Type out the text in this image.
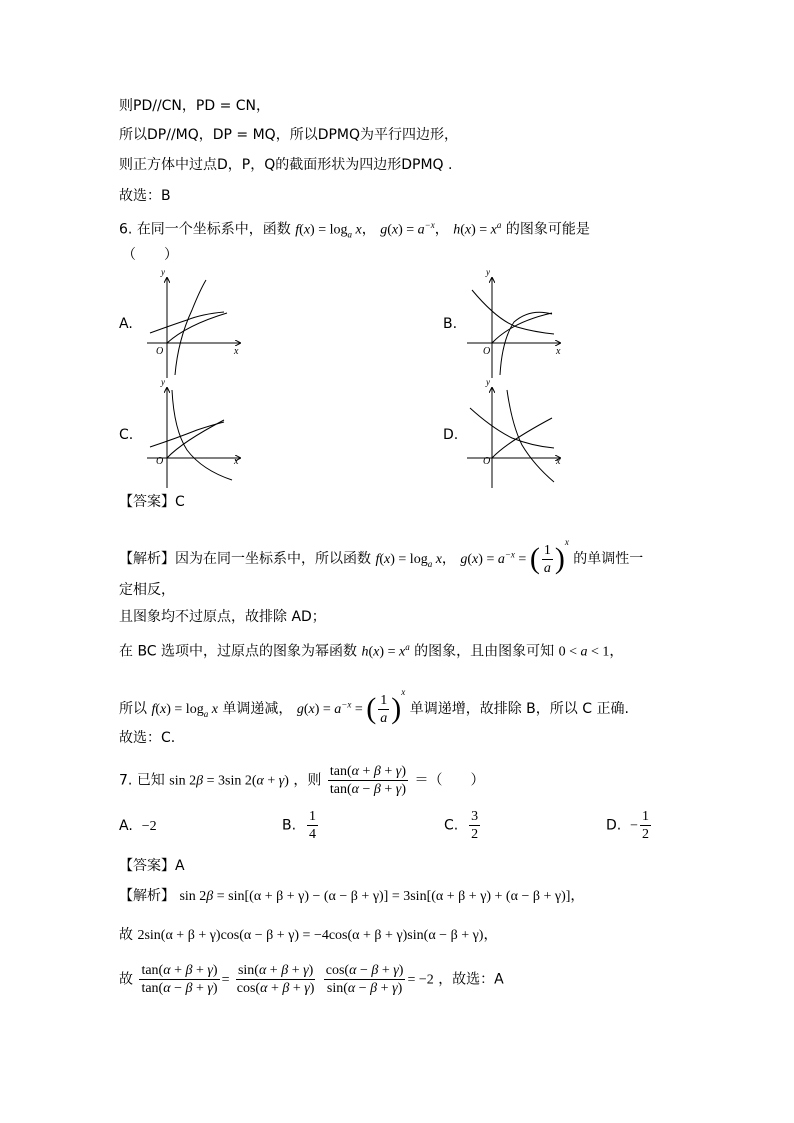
则PD//CN，PD = CN，
所以DP//MQ，DP = MQ，所以DPMQ为平行四边形，
则正方体中过点D，P，Q的截面形状为四边形DPMQ .
故选：B
6. 在同一个坐标系中，函数 $f(x) = \log_a x$， $g(x) = a^{-x}$， $h(x) = x^a$ 的图象可能是
（　　）
A.	B.
C.	D.
y
x
O
y
x
O
y
x
O
y
x
O
【答案】C
【解析】因为在同一坐标系中，所以函数 $f(x) = \log_a x$， $g(x) = a^{-x}$ = ( $\frac{1}{a} )^x$ 的单调性一
定相反，
且图象均不过原点，故排除 AD；
在 BC 选项中，过原点的图象为幂函数 $h(x) = x^a$ 的图象，且由图象可知 0 < a < 1，
所以 $f(x) = \log_a x$ 单调递减， $g(x) = a^{-x}$ = ( $\frac{1}{a} )^x$ 单调递增，故排除 B，所以 C 正确.
故选：C.
7. 已知 sin 2β = 3sin 2(α + γ) ，则 $\frac{\tan(\alpha + \beta + \gamma)}{\tan(\alpha - \beta + \gamma)}$ ＝（　　）
A. −2	B. $\frac{1}{4}$	C. $\frac{3}{2}$	D. − $\frac{1}{2}$
【答案】A
【解析】 sin 2β = sin[(α + β + γ) − (α − β + γ)] = 3sin[(α + β + γ) + (α − β + γ)]，
故 2sin(α + β + γ)cos(α − β + γ) = −4cos(α + β + γ)sin(α − β + γ)，
故 $\frac{\tan(\alpha + \beta + \gamma)}{\tan(\alpha - \beta + \gamma)} = \frac{\sin(\alpha + \beta + \gamma)}{\cos(\alpha + \beta + \gamma)}$
$\frac{\cos(\alpha - \beta + \gamma)}{\sin(\alpha - \beta + \gamma)} = -2$ ，故选：A
